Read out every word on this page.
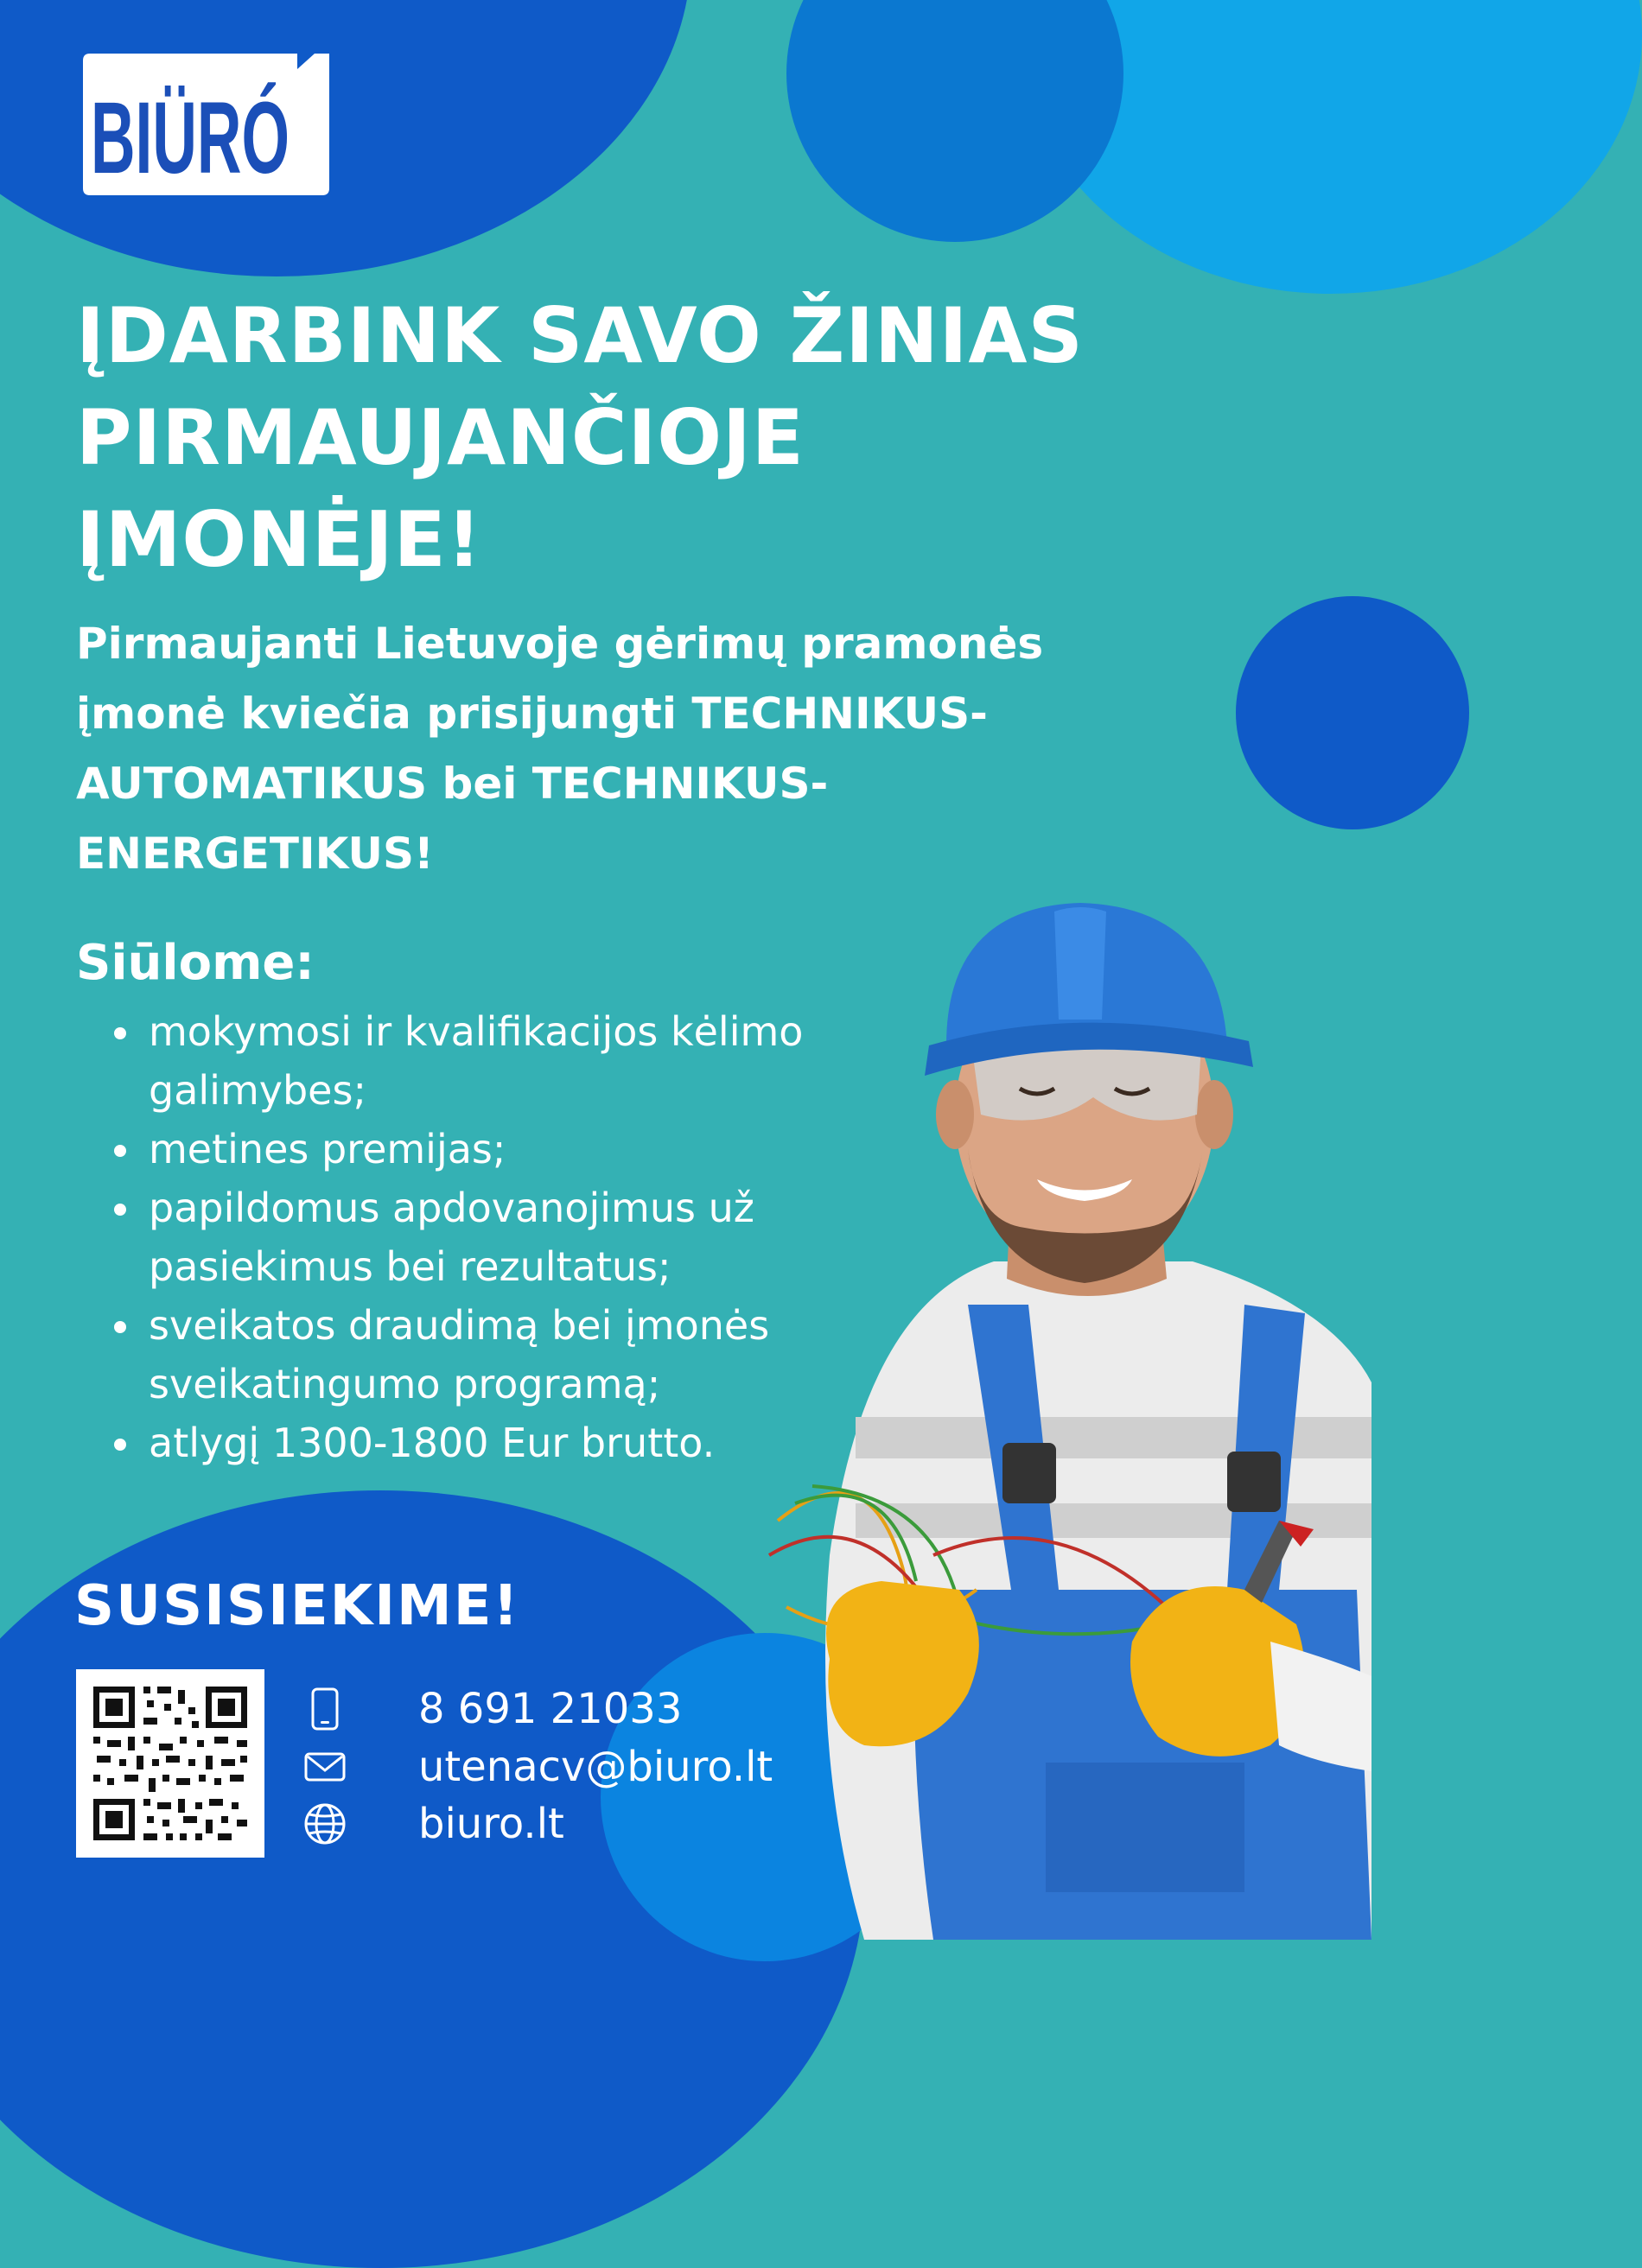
BIÜRÓ
ĮDARBINK SAVO ŽINIAS
PIRMAUJANČIOJE
ĮMONĖJE!

Pirmaujanti Lietuvoje gėrimų pramonės
įmonė kviečia prisijungti TECHNIKUS-
AUTOMATIKUS bei TECHNIKUS-
ENERGETIKUS!

Siūlome:
mokymosi ir kvalifikacijos kėlimo
galimybes;
metines premijas;
papildomus apdovanojimus už
pasiekimus bei rezultatus;
sveikatos draudimą bei įmonės
sveikatingumo programą;
atlygį 1300-1800 Eur brutto.
SUSISIEKIME!
8 691 21033
utenacv@biuro.lt
biuro.lt
